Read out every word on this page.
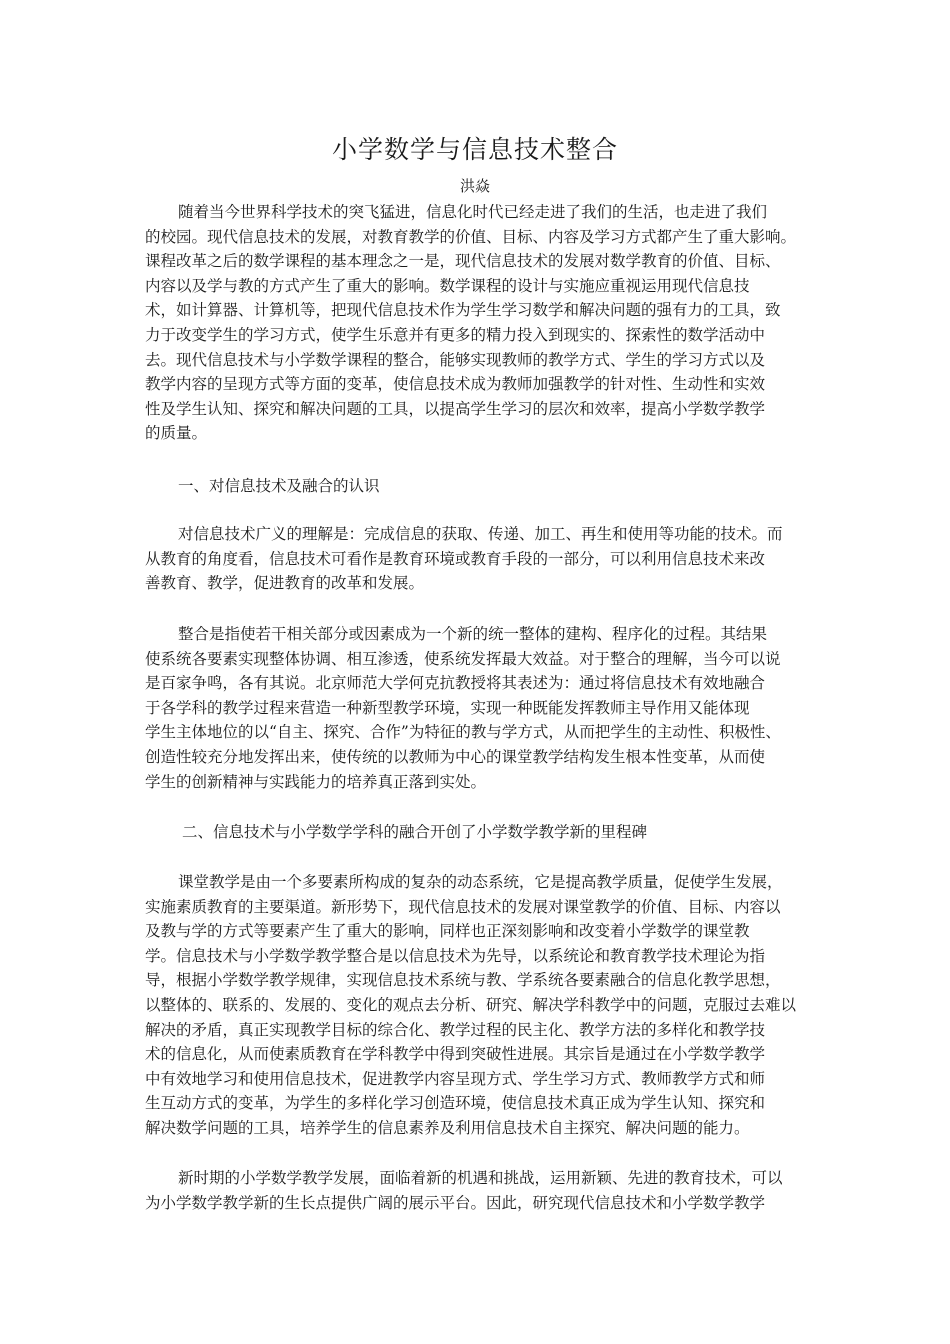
小学数学与信息技术整合
洪焱
随着当今世界科学技术的突飞猛进，信息化时代已经走进了我们的生活，也走进了我们
的校园。现代信息技术的发展，对教育教学的价值、目标、内容及学习方式都产生了重大影响。
课程改革之后的数学课程的基本理念之一是，现代信息技术的发展对数学教育的价值、目标、
内容以及学与教的方式产生了重大的影响。数学课程的设计与实施应重视运用现代信息技
术，如计算器、计算机等，把现代信息技术作为学生学习数学和解决问题的强有力的工具，致
力于改变学生的学习方式，使学生乐意并有更多的精力投入到现实的、探索性的数学活动中
去。现代信息技术与小学数学课程的整合，能够实现教师的教学方式、学生的学习方式以及
教学内容的呈现方式等方面的变革，使信息技术成为教师加强教学的针对性、生动性和实效
性及学生认知、探究和解决问题的工具，以提高学生学习的层次和效率，提高小学数学教学
的质量。
一、对信息技术及融合的认识
对信息技术广义的理解是：完成信息的获取、传递、加工、再生和使用等功能的技术。而
从教育的角度看，信息技术可看作是教育环境或教育手段的一部分，可以利用信息技术来改
善教育、教学，促进教育的改革和发展。
整合是指使若干相关部分或因素成为一个新的统一整体的建构、程序化的过程。其结果
使系统各要素实现整体协调、相互渗透，使系统发挥最大效益。对于整合的理解，当今可以说
是百家争鸣，各有其说。北京师范大学何克抗教授将其表述为：通过将信息技术有效地融合
于各学科的教学过程来营造一种新型教学环境，实现一种既能发挥教师主导作用又能体现
学生主体地位的以“自主、探究、合作”为特征的教与学方式，从而把学生的主动性、积极性、
创造性较充分地发挥出来，使传统的以教师为中心的课堂教学结构发生根本性变革，从而使
学生的创新精神与实践能力的培养真正落到实处。
二、信息技术与小学数学学科的融合开创了小学数学教学新的里程碑
课堂教学是由一个多要素所构成的复杂的动态系统，它是提高教学质量，促使学生发展，
实施素质教育的主要渠道。新形势下，现代信息技术的发展对课堂教学的价值、目标、内容以
及教与学的方式等要素产生了重大的影响，同样也正深刻影响和改变着小学数学的课堂教
学。信息技术与小学数学教学整合是以信息技术为先导，以系统论和教育教学技术理论为指
导，根据小学数学教学规律，实现信息技术系统与教、学系统各要素融合的信息化教学思想，
以整体的、联系的、发展的、变化的观点去分析、研究、解决学科教学中的问题，克服过去难以
解决的矛盾，真正实现教学目标的综合化、教学过程的民主化、教学方法的多样化和教学技
术的信息化，从而使素质教育在学科教学中得到突破性进展。其宗旨是通过在小学数学教学
中有效地学习和使用信息技术，促进教学内容呈现方式、学生学习方式、教师教学方式和师
生互动方式的变革，为学生的多样化学习创造环境，使信息技术真正成为学生认知、探究和
解决数学问题的工具，培养学生的信息素养及利用信息技术自主探究、解决问题的能力。
新时期的小学数学教学发展，面临着新的机遇和挑战，运用新颖、先进的教育技术，可以
为小学数学教学新的生长点提供广阔的展示平台。因此，研究现代信息技术和小学数学教学
